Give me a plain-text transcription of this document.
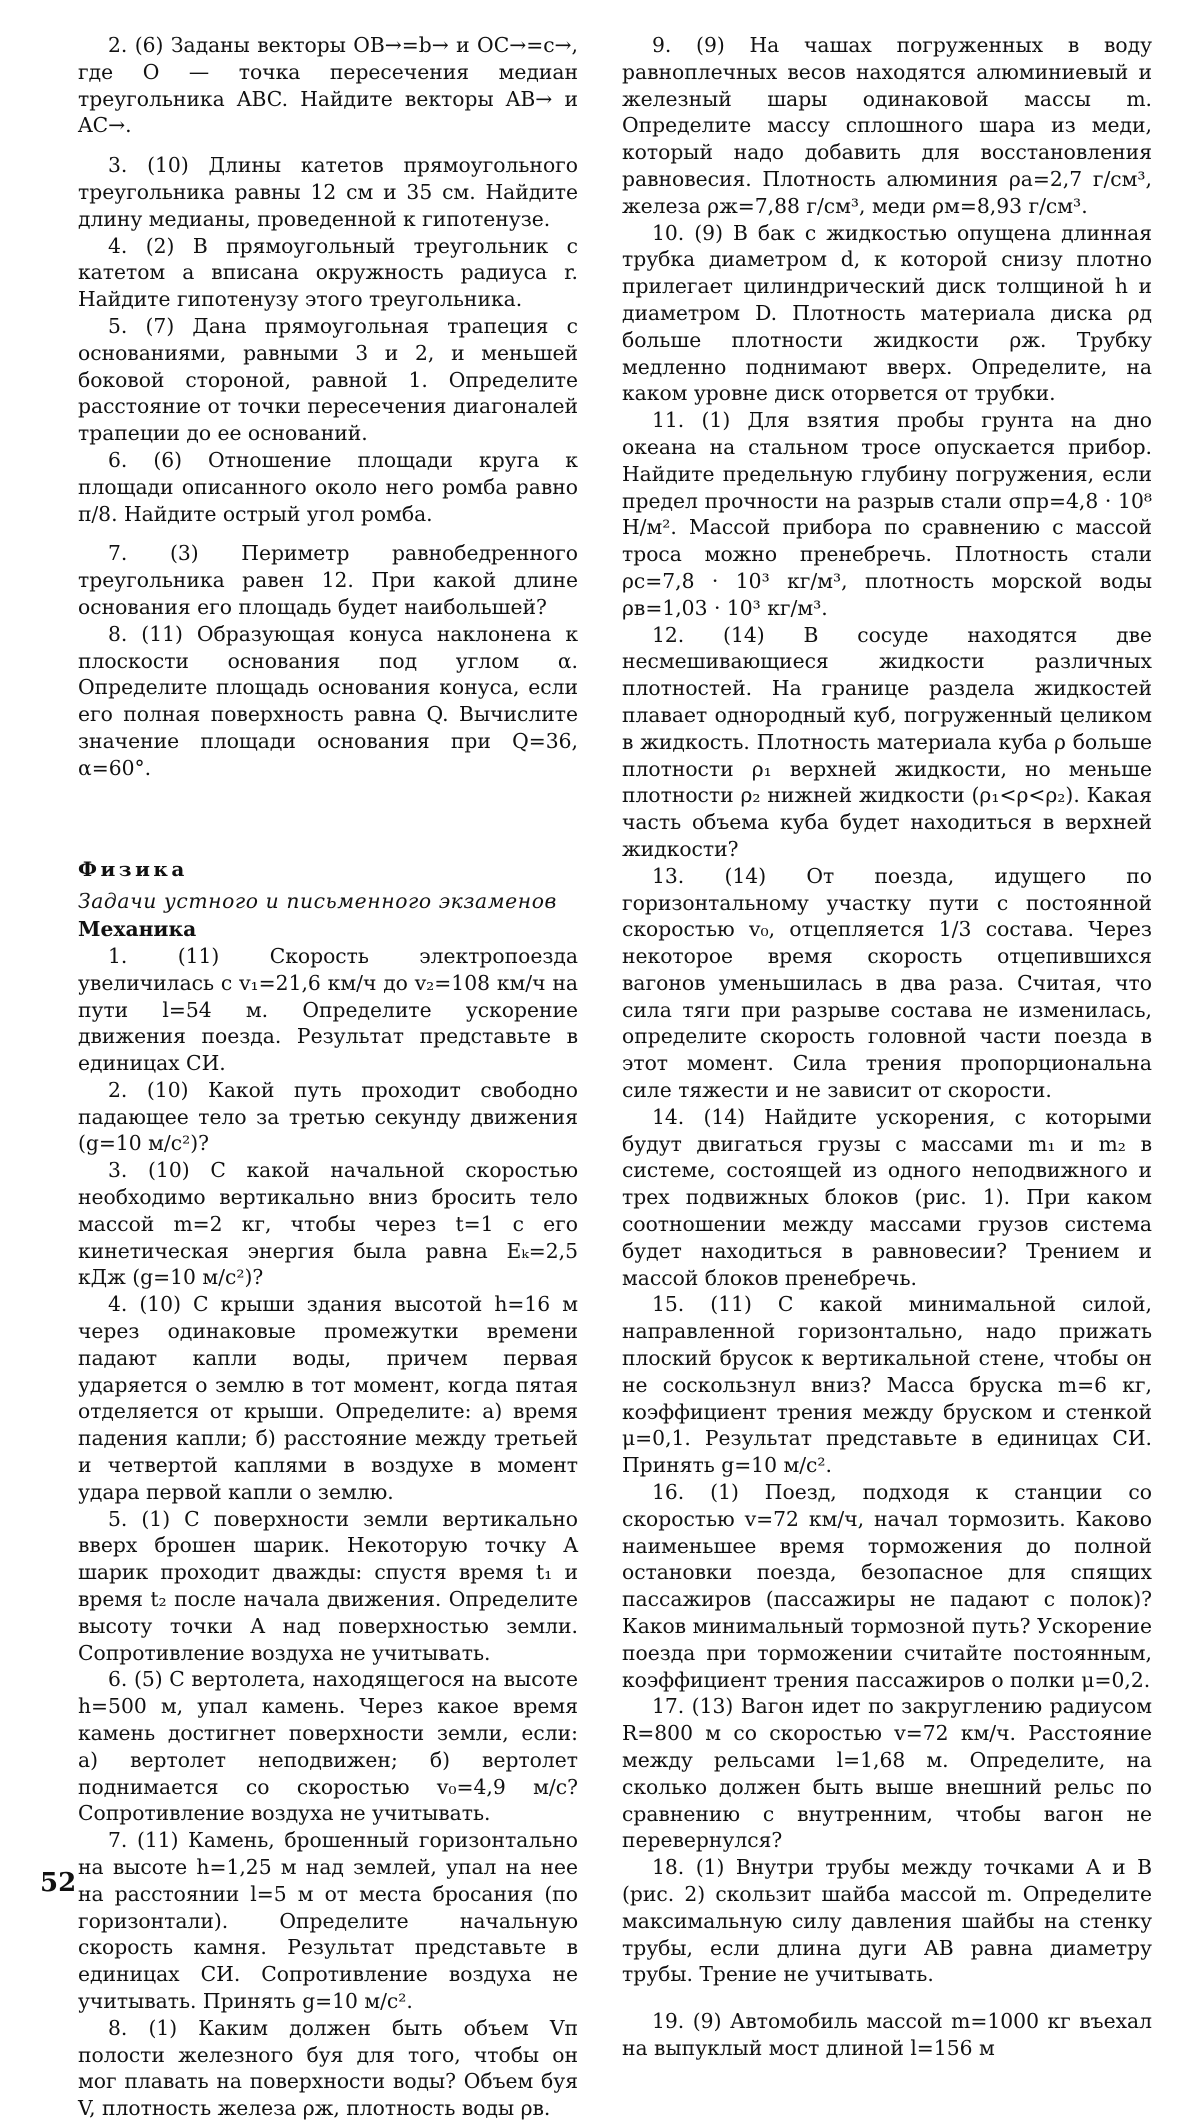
2. (6) Заданы векторы OB→=b→ и OC→=c→, где O — точка пересечения медиан треугольника ABC. Найдите векторы AB→ и AC→.

3. (10) Длины катетов прямоугольного треугольника равны 12 см и 35 см. Найдите длину медианы, проведенной к гипотенузе.

4. (2) В прямоугольный треугольник с катетом a вписана окружность радиуса r. Найдите гипотенузу этого треугольника.

5. (7) Дана прямоугольная трапеция с основаниями, равными 3 и 2, и меньшей боковой стороной, равной 1. Определите расстояние от точки пересечения диагоналей трапеции до ее оснований.

6. (6) Отношение площади круга к площади описанного около него ромба равно π/8. Найдите острый угол ромба.

7. (3) Периметр равнобедренного треугольника равен 12. При какой длине основания его площадь будет наибольшей?

8. (11) Образующая конуса наклонена к плоскости основания под углом α. Определите площадь основания конуса, если его полная поверхность равна Q. Вычислите значение площади основания при Q=36, α=60°.

Физика
Задачи устного и письменного экзаменов
Механика

1. (11) Скорость электропоезда увеличилась с v₁=21,6 км/ч до v₂=108 км/ч на пути l=54 м. Определите ускорение движения поезда. Результат представьте в единицах СИ.

2. (10) Какой путь проходит свободно падающее тело за третью секунду движения (g=10 м/с²)?

3. (10) С какой начальной скоростью необходимо вертикально вниз бросить тело массой m=2 кг, чтобы через t=1 с его кинетическая энергия была равна Eₖ=2,5 кДж (g=10 м/с²)?

4. (10) С крыши здания высотой h=16 м через одинаковые промежутки времени падают капли воды, причем первая ударяется о землю в тот момент, когда пятая отделяется от крыши. Определите: а) время падения капли; б) расстояние между третьей и четвертой каплями в воздухе в момент удара первой капли о землю.

5. (1) С поверхности земли вертикально вверх брошен шарик. Некоторую точку A шарик проходит дважды: спустя время t₁ и время t₂ после начала движения. Определите высоту точки A над поверхностью земли. Сопротивление воздуха не учитывать.

6. (5) С вертолета, находящегося на высоте h=500 м, упал камень. Через какое время камень достигнет поверхности земли, если: а) вертолет неподвижен; б) вертолет поднимается со скоростью v₀=4,9 м/с? Сопротивление воздуха не учитывать.

7. (11) Камень, брошенный горизонтально на высоте h=1,25 м над землей, упал на нее на расстоянии l=5 м от места бросания (по горизонтали). Определите начальную скорость камня. Результат представьте в единицах СИ. Сопротивление воздуха не учитывать. Принять g=10 м/с².

8. (1) Каким должен быть объем Vп полости железного буя для того, чтобы он мог плавать на поверхности воды? Объем буя V, плотность железа ρж, плотность воды ρв.

9. (9) На чашах погруженных в воду равноплечных весов находятся алюминиевый и железный шары одинаковой массы m. Определите массу сплошного шара из меди, который надо добавить для восстановления равновесия. Плотность алюминия ρа=2,7 г/см³, железа ρж=7,88 г/см³, меди ρм=8,93 г/см³.

10. (9) В бак с жидкостью опущена длинная трубка диаметром d, к которой снизу плотно прилегает цилиндрический диск толщиной h и диаметром D. Плотность материала диска ρд больше плотности жидкости ρж. Трубку медленно поднимают вверх. Определите, на каком уровне диск оторвется от трубки.

11. (1) Для взятия пробы грунта на дно океана на стальном тросе опускается прибор. Найдите предельную глубину погружения, если предел прочности на разрыв стали σпр=4,8 · 10⁸ Н/м². Массой прибора по сравнению с массой троса можно пренебречь. Плотность стали ρс=7,8 · 10³ кг/м³, плотность морской воды ρв=1,03 · 10³ кг/м³.

12. (14) В сосуде находятся две несмешивающиеся жидкости различных плотностей. На границе раздела жидкостей плавает однородный куб, погруженный целиком в жидкость. Плотность материала куба ρ больше плотности ρ₁ верхней жидкости, но меньше плотности ρ₂ нижней жидкости (ρ₁<ρ<ρ₂). Какая часть объема куба будет находиться в верхней жидкости?

13. (14) От поезда, идущего по горизонтальному участку пути с постоянной скоростью v₀, отцепляется 1/3 состава. Через некоторое время скорость отцепившихся вагонов уменьшилась в два раза. Считая, что сила тяги при разрыве состава не изменилась, определите скорость головной части поезда в этот момент. Сила трения пропорциональна силе тяжести и не зависит от скорости.

14. (14) Найдите ускорения, с которыми будут двигаться грузы с массами m₁ и m₂ в системе, состоящей из одного неподвижного и трех подвижных блоков (рис. 1). При каком соотношении между массами грузов система будет находиться в равновесии? Трением и массой блоков пренебречь.

15. (11) С какой минимальной силой, направленной горизонтально, надо прижать плоский брусок к вертикальной стене, чтобы он не соскользнул вниз? Масса бруска m=6 кг, коэффициент трения между бруском и стенкой μ=0,1. Результат представьте в единицах СИ. Принять g=10 м/с².

16. (1) Поезд, подходя к станции со скоростью v=72 км/ч, начал тормозить. Каково наименьшее время торможения до полной остановки поезда, безопасное для спящих пассажиров (пассажиры не падают с полок)? Каков минимальный тормозной путь? Ускорение поезда при торможении считайте постоянным, коэффициент трения пассажиров о полки μ=0,2.

17. (13) Вагон идет по закруглению радиусом R=800 м со скоростью v=72 км/ч. Расстояние между рельсами l=1,68 м. Определите, на сколько должен быть выше внешний рельс по сравнению с внутренним, чтобы вагон не перевернулся?

18. (1) Внутри трубы между точками A и B (рис. 2) скользит шайба массой m. Определите максимальную силу давления шайбы на стенку трубы, если длина дуги AB равна диаметру трубы. Трение не учитывать.

19. (9) Автомобиль массой m=1000 кг въехал на выпуклый мост длиной l=156 м

52
